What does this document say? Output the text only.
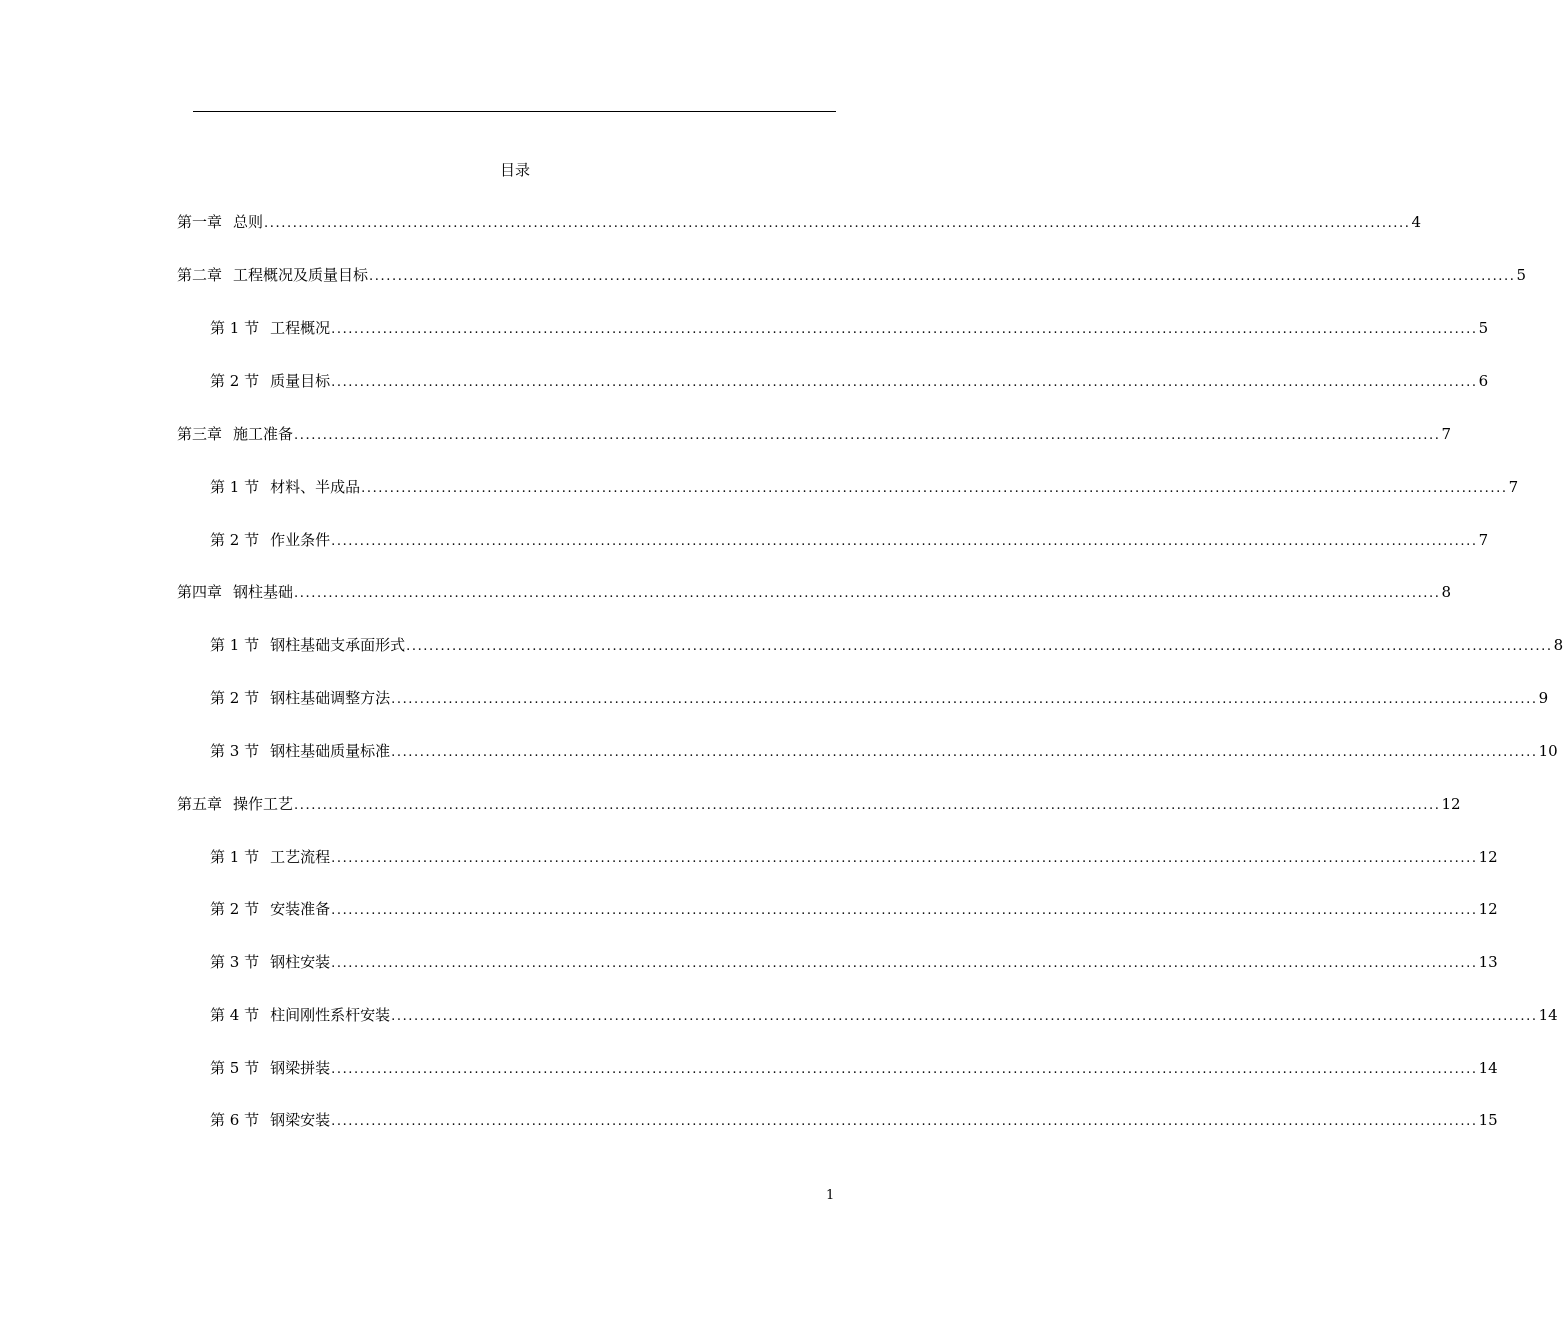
目录
第一章 总则 ........................................................................................................................................................................................................ 4
第二章 工程概况及质量目标 ........................................................................................................................................................................................................ 5
第 1 节 工程概况 ........................................................................................................................................................................................................ 5
第 2 节 质量目标 ........................................................................................................................................................................................................ 6
第三章 施工准备 ........................................................................................................................................................................................................ 7
第 1 节 材料、半成品 ........................................................................................................................................................................................................ 7
第 2 节 作业条件 ........................................................................................................................................................................................................ 7
第四章 钢柱基础 ........................................................................................................................................................................................................ 8
第 1 节 钢柱基础支承面形式 ........................................................................................................................................................................................................ 8
第 2 节 钢柱基础调整方法 ........................................................................................................................................................................................................ 9
第 3 节 钢柱基础质量标准 ........................................................................................................................................................................................................ 10
第五章 操作工艺 ........................................................................................................................................................................................................ 12
第 1 节 工艺流程 ........................................................................................................................................................................................................ 12
第 2 节 安装准备 ........................................................................................................................................................................................................ 12
第 3 节 钢柱安装 ........................................................................................................................................................................................................ 13
第 4 节 柱间刚性系杆安装 ........................................................................................................................................................................................................ 14
第 5 节 钢梁拼装 ........................................................................................................................................................................................................ 14
第 6 节 钢梁安装 ........................................................................................................................................................................................................ 15
1
